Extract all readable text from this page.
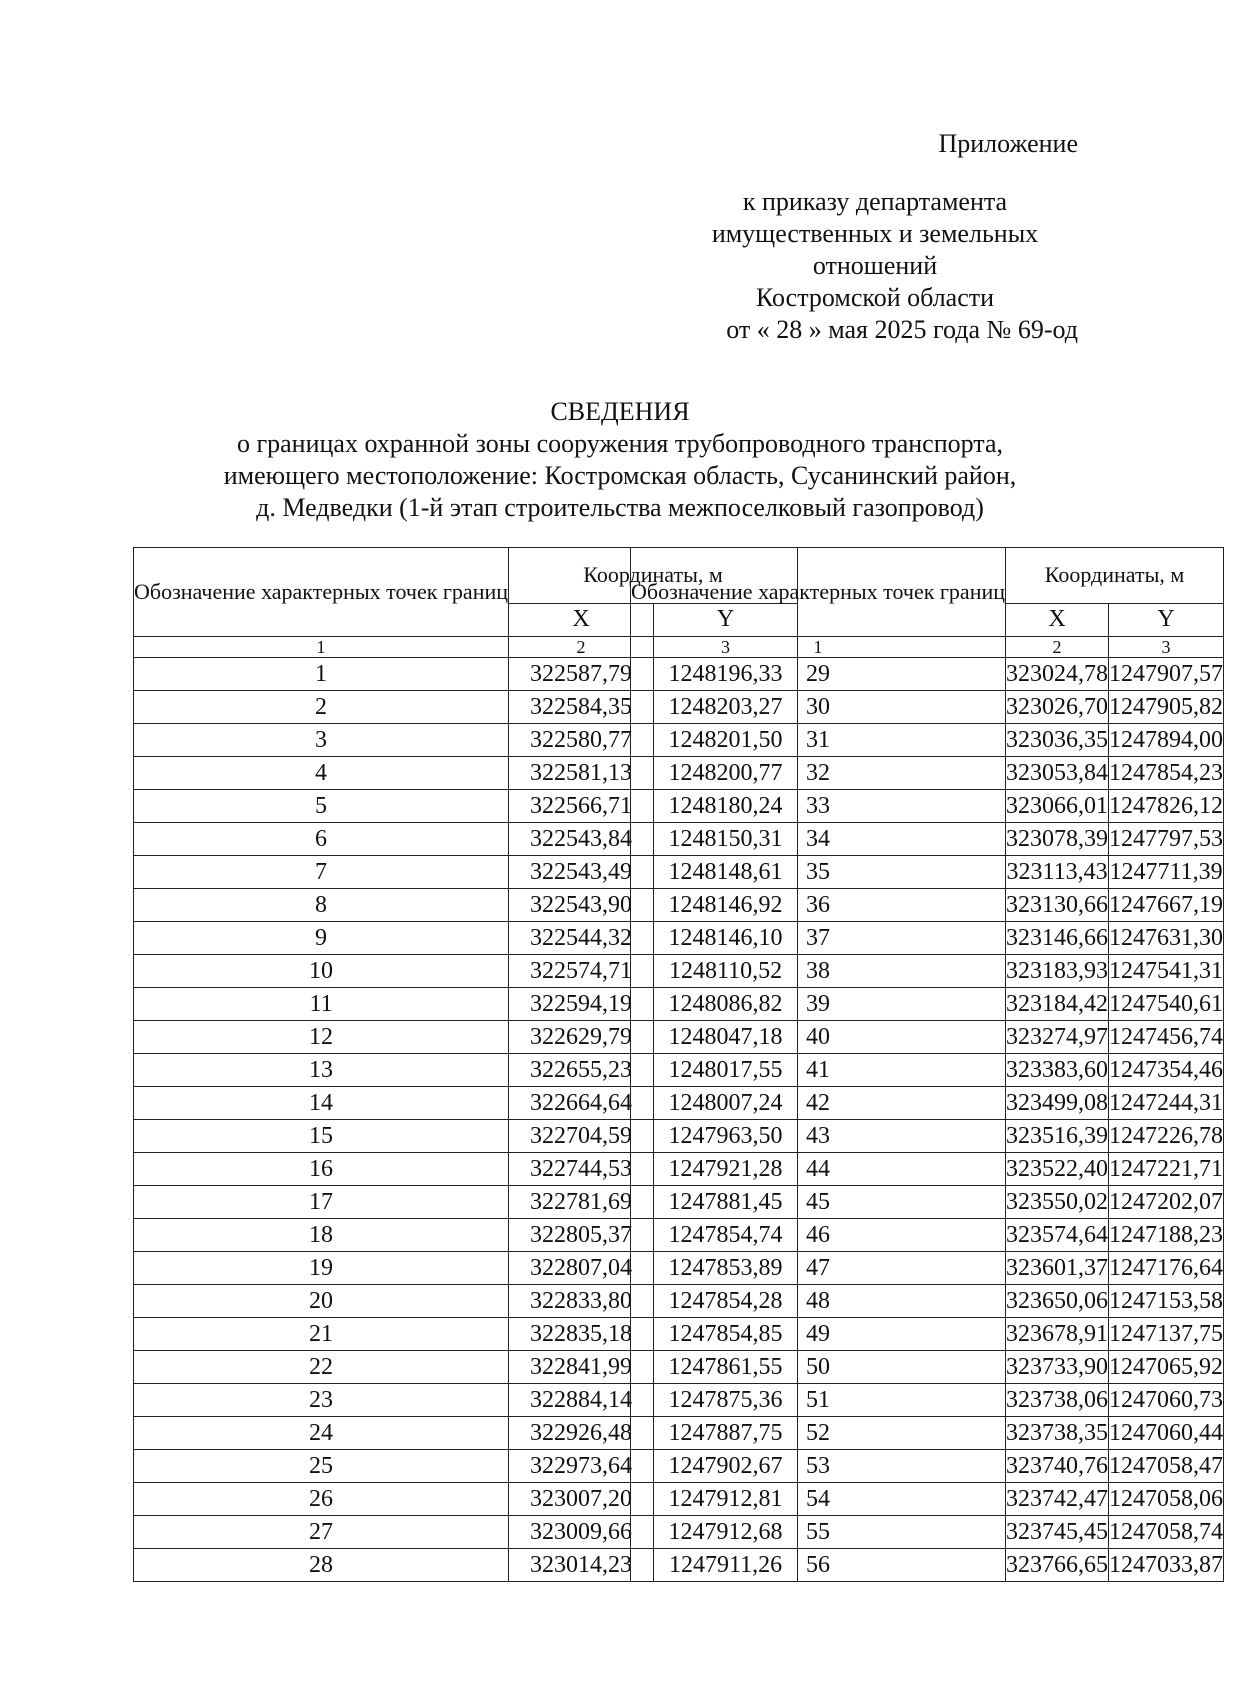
Приложение
к приказу департамента
имущественных и земельных
отношений
Костромской области
от « 28 » мая 2025 года № 69-од
СВЕДЕНИЯ
о границах охранной зоны сооружения трубопроводного транспорта,
имеющего местоположение: Костромская область, Сусанинский район,
д. Медведки (1-й этап строительства межпоселковый газопровод)
Обозначение характерных точек границ	Координаты, м	
	X	Y
1	2	3
1	322587,79	1248196,33
2	322584,35	1248203,27
3	322580,77	1248201,50
4	322581,13	1248200,77
5	322566,71	1248180,24
6	322543,84	1248150,31
7	322543,49	1248148,61
8	322543,90	1248146,92
9	322544,32	1248146,10
10	322574,71	1248110,52
11	322594,19	1248086,82
12	322629,79	1248047,18
13	322655,23	1248017,55
14	322664,64	1248007,24
15	322704,59	1247963,50
16	322744,53	1247921,28
17	322781,69	1247881,45
18	322805,37	1247854,74
19	322807,04	1247853,89
20	322833,80	1247854,28
21	322835,18	1247854,85
22	322841,99	1247861,55
23	322884,14	1247875,36
24	322926,48	1247887,75
25	322973,64	1247902,67
26	323007,20	1247912,81
27	323009,66	1247912,68
28	323014,23	1247911,26
Обозначение характерных точек границ	Координаты, м	
	X	Y
1	2	3
29	323024,78	1247907,57
30	323026,70	1247905,82
31	323036,35	1247894,00
32	323053,84	1247854,23
33	323066,01	1247826,12
34	323078,39	1247797,53
35	323113,43	1247711,39
36	323130,66	1247667,19
37	323146,66	1247631,30
38	323183,93	1247541,31
39	323184,42	1247540,61
40	323274,97	1247456,74
41	323383,60	1247354,46
42	323499,08	1247244,31
43	323516,39	1247226,78
44	323522,40	1247221,71
45	323550,02	1247202,07
46	323574,64	1247188,23
47	323601,37	1247176,64
48	323650,06	1247153,58
49	323678,91	1247137,75
50	323733,90	1247065,92
51	323738,06	1247060,73
52	323738,35	1247060,44
53	323740,76	1247058,47
54	323742,47	1247058,06
55	323745,45	1247058,74
56	323766,65	1247033,87
